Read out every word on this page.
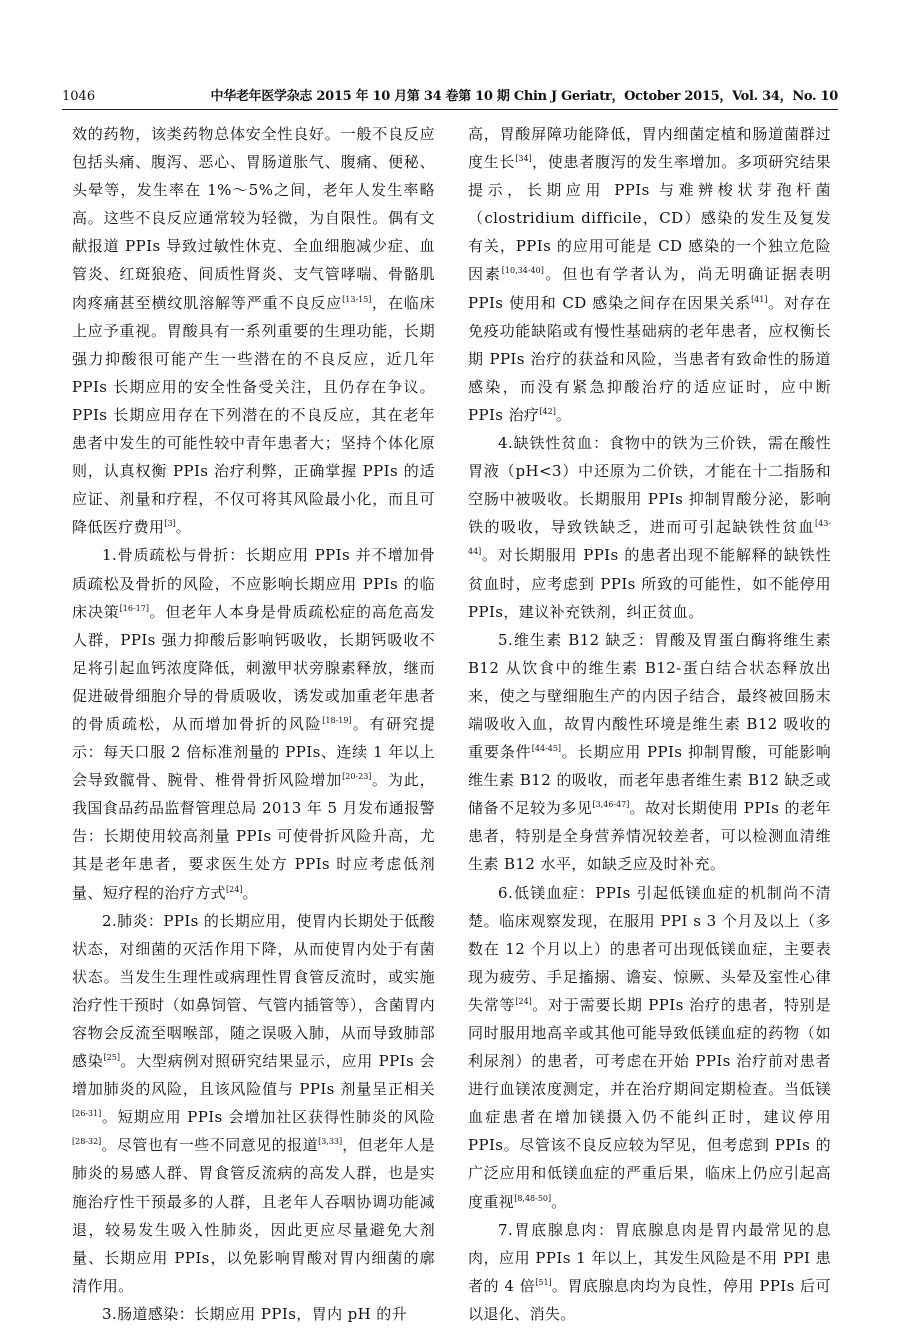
1046	中华老年医学杂志 2015 年 10 月第 34 卷第 10 期 Chin J Geriatr，October 2015，Vol. 34，No. 10

效的药物，该类药物总体安全性良好。一般不良反应包括头痛、腹泻、恶心、胃肠道胀气、腹痛、便秘、头晕等，发生率在 1%～5%之间，老年人发生率略高。这些不良反应通常较为轻微，为自限性。偶有文献报道 PPIs 导致过敏性休克、全血细胞减少症、血管炎、红斑狼疮、间质性肾炎、支气管哮喘、骨骼肌肉疼痛甚至横纹肌溶解等严重不良反应[13-15]，在临床上应予重视。胃酸具有一系列重要的生理功能，长期强力抑酸很可能产生一些潜在的不良反应，近几年 PPIs 长期应用的安全性备受关注，且仍存在争议。PPIs 长期应用存在下列潜在的不良反应，其在老年患者中发生的可能性较中青年患者大；坚持个体化原则，认真权衡 PPIs 治疗利弊，正确掌握 PPIs 的适应证、剂量和疗程，不仅可将其风险最小化，而且可降低医疗费用[3]。

1.骨质疏松与骨折：长期应用 PPIs 并不增加骨质疏松及骨折的风险，不应影响长期应用 PPIs 的临床决策[16-17]。但老年人本身是骨质疏松症的高危高发人群，PPIs 强力抑酸后影响钙吸收，长期钙吸收不足将引起血钙浓度降低，刺激甲状旁腺素释放，继而促进破骨细胞介导的骨质吸收，诱发或加重老年患者的骨质疏松，从而增加骨折的风险[18-19]。有研究提示：每天口服 2 倍标准剂量的 PPIs、连续 1 年以上会导致髋骨、腕骨、椎骨骨折风险增加[20-23]。为此，我国食品药品监督管理总局 2013 年 5 月发布通报警告：长期使用较高剂量 PPIs 可使骨折风险升高，尤其是老年患者，要求医生处方 PPIs 时应考虑低剂量、短疗程的治疗方式[24]。

2.肺炎：PPIs 的长期应用，使胃内长期处于低酸状态，对细菌的灭活作用下降，从而使胃内处于有菌状态。当发生生理性或病理性胃食管反流时，或实施治疗性干预时（如鼻饲管、气管内插管等），含菌胃内容物会反流至咽喉部，随之误吸入肺，从而导致肺部感染[25]。大型病例对照研究结果显示，应用 PPIs 会增加肺炎的风险，且该风险值与 PPIs 剂量呈正相关[26-31]。短期应用 PPIs 会增加社区获得性肺炎的风险[28-32]。尽管也有一些不同意见的报道[3,33]，但老年人是肺炎的易感人群、胃食管反流病的高发人群，也是实施治疗性干预最多的人群，且老年人吞咽协调功能减退，较易发生吸入性肺炎，因此更应尽量避免大剂量、长期应用 PPIs，以免影响胃酸对胃内细菌的廓清作用。

3.肠道感染：长期应用 PPIs，胃内 pH 的升

高，胃酸屏障功能降低，胃内细菌定植和肠道菌群过度生长[34]，使患者腹泻的发生率增加。多项研究结果提示，长期应用 PPIs 与难辨梭状芽孢杆菌（clostridium difficile，CD）感染的发生及复发有关，PPIs 的应用可能是 CD 感染的一个独立危险因素[10,34-40]。但也有学者认为，尚无明确证据表明 PPIs 使用和 CD 感染之间存在因果关系[41]。对存在免疫功能缺陷或有慢性基础病的老年患者，应权衡长期 PPIs 治疗的获益和风险，当患者有致命性的肠道感染，而没有紧急抑酸治疗的适应证时，应中断 PPIs 治疗[42]。

4.缺铁性贫血：食物中的铁为三价铁，需在酸性胃液（pH<3）中还原为二价铁，才能在十二指肠和空肠中被吸收。长期服用 PPIs 抑制胃酸分泌，影响铁的吸收，导致铁缺乏，进而可引起缺铁性贫血[43-44]。对长期服用 PPIs 的患者出现不能解释的缺铁性贫血时，应考虑到 PPIs 所致的可能性，如不能停用 PPIs，建议补充铁剂，纠正贫血。

5.维生素 B12 缺乏：胃酸及胃蛋白酶将维生素 B12 从饮食中的维生素 B12-蛋白结合状态释放出来，使之与壁细胞生产的内因子结合，最终被回肠末端吸收入血，故胃内酸性环境是维生素 B12 吸收的重要条件[44-45]。长期应用 PPIs 抑制胃酸，可能影响维生素 B12 的吸收，而老年患者维生素 B12 缺乏或储备不足较为多见[3,46-47]。故对长期使用 PPIs 的老年患者，特别是全身营养情况较差者，可以检测血清维生素 B12 水平，如缺乏应及时补充。

6.低镁血症：PPIs 引起低镁血症的机制尚不清楚。临床观察发现，在服用 PPI s 3 个月及以上（多数在 12 个月以上）的患者可出现低镁血症，主要表现为疲劳、手足搐搦、谵妄、惊厥、头晕及室性心律失常等[24]。对于需要长期 PPIs 治疗的患者，特别是同时服用地高辛或其他可能导致低镁血症的药物（如利尿剂）的患者，可考虑在开始 PPIs 治疗前对患者进行血镁浓度测定，并在治疗期间定期检查。当低镁血症患者在增加镁摄入仍不能纠正时，建议停用 PPIs。尽管该不良反应较为罕见，但考虑到 PPIs 的广泛应用和低镁血症的严重后果，临床上仍应引起高度重视[8,48-50]。

7.胃底腺息肉：胃底腺息肉是胃内最常见的息肉，应用 PPIs 1 年以上，其发生风险是不用 PPI 患者的 4 倍[51]。胃底腺息肉均为良性，停用 PPIs 后可以退化、消失。
